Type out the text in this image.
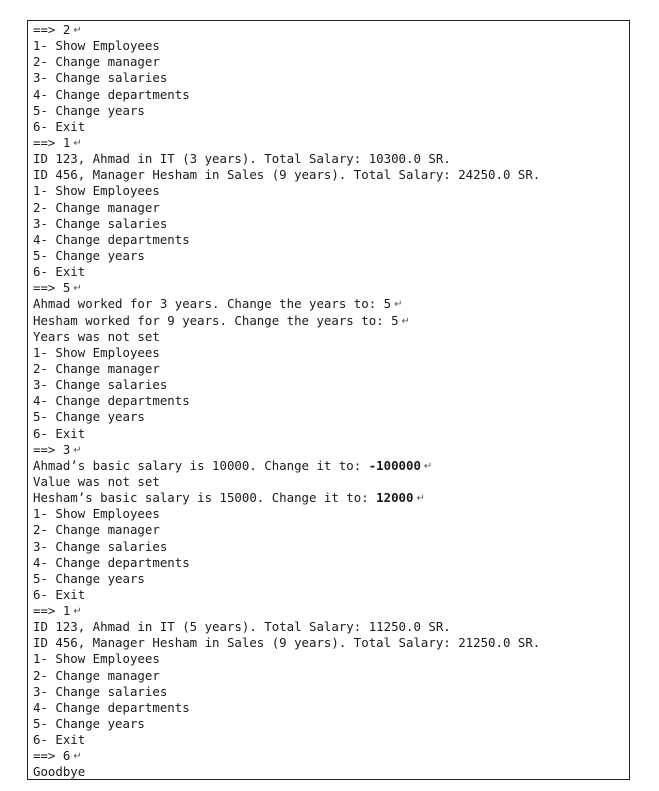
==> 2↵
1- Show Employees
2- Change manager
3- Change salaries
4- Change departments
5- Change years
6- Exit
==> 1↵
ID 123, Ahmad in IT (3 years). Total Salary: 10300.0 SR.
ID 456, Manager Hesham in Sales (9 years). Total Salary: 24250.0 SR.
1- Show Employees
2- Change manager
3- Change salaries
4- Change departments
5- Change years
6- Exit
==> 5↵
Ahmad worked for 3 years. Change the years to: 5↵
Hesham worked for 9 years. Change the years to: 5↵
Years was not set
1- Show Employees
2- Change manager
3- Change salaries
4- Change departments
5- Change years
6- Exit
==> 3↵
Ahmad’s basic salary is 10000. Change it to: -100000↵
Value was not set
Hesham’s basic salary is 15000. Change it to: 12000↵
1- Show Employees
2- Change manager
3- Change salaries
4- Change departments
5- Change years
6- Exit
==> 1↵
ID 123, Ahmad in IT (5 years). Total Salary: 11250.0 SR.
ID 456, Manager Hesham in Sales (9 years). Total Salary: 21250.0 SR.
1- Show Employees
2- Change manager
3- Change salaries
4- Change departments
5- Change years
6- Exit
==> 6↵
Goodbye
